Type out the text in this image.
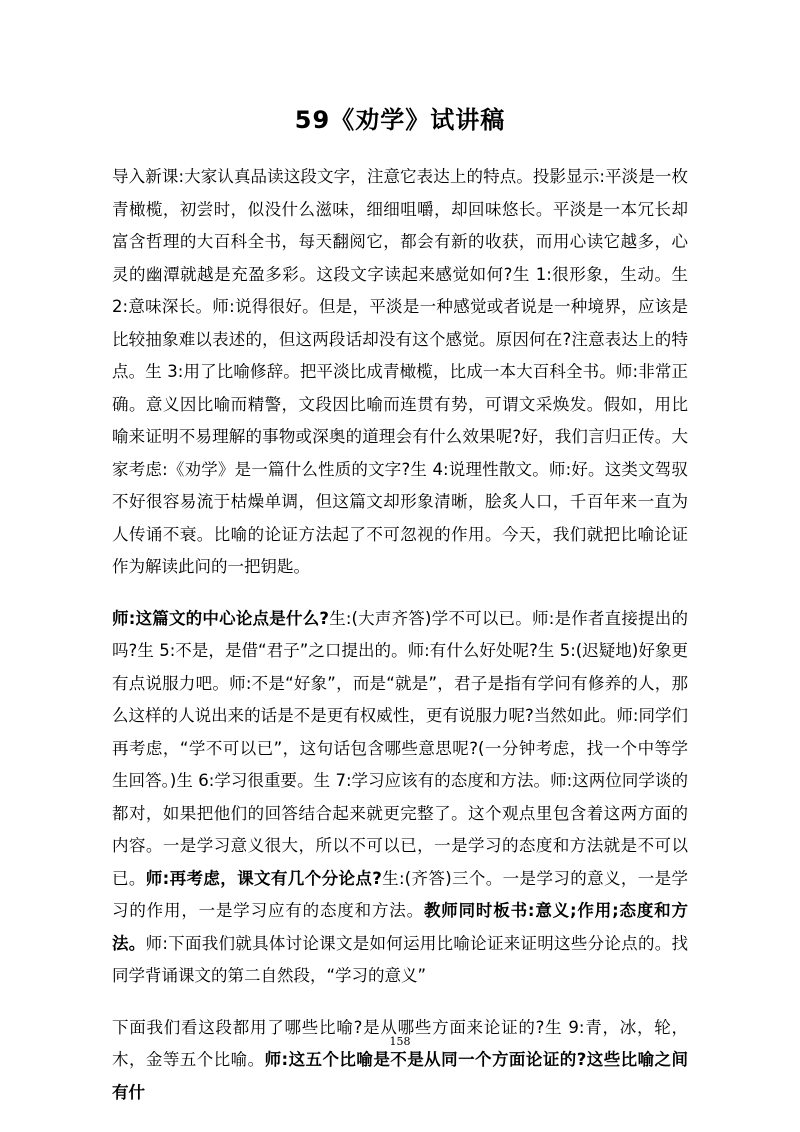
59《劝学》试讲稿

导入新课:大家认真品读这段文字，注意它表达上的特点。投影显示:平淡是一枚青橄榄，初尝时，似没什么滋味，细细咀嚼，却回味悠长。平淡是一本冗长却富含哲理的大百科全书，每天翻阅它，都会有新的收获，而用心读它越多，心灵的幽潭就越是充盈多彩。这段文字读起来感觉如何?生 1:很形象，生动。生 2:意味深长。师:说得很好。但是，平淡是一种感觉或者说是一种境界，应该是比较抽象难以表述的，但这两段话却没有这个感觉。原因何在?注意表达上的特点。生 3:用了比喻修辞。把平淡比成青橄榄，比成一本大百科全书。师:非常正确。意义因比喻而精警，文段因比喻而连贯有势，可谓文采焕发。假如，用比喻来证明不易理解的事物或深奥的道理会有什么效果呢?好，我们言归正传。大家考虑:《劝学》是一篇什么性质的文字?生 4:说理性散文。师:好。这类文驾驭不好很容易流于枯燥单调，但这篇文却形象清晰，脍炙人口，千百年来一直为人传诵不衰。比喻的论证方法起了不可忽视的作用。今天，我们就把比喻论证作为解读此问的一把钥匙。

师:这篇文的中心论点是什么?生:(大声齐答)学不可以已。师:是作者直接提出的吗?生 5:不是，是借“君子”之口提出的。师:有什么好处呢?生 5:(迟疑地)好象更有点说服力吧。师:不是“好象”，而是“就是”，君子是指有学问有修养的人，那么这样的人说出来的话是不是更有权威性，更有说服力呢?当然如此。师:同学们再考虑，“学不可以已”，这句话包含哪些意思呢?(一分钟考虑，找一个中等学生回答。)生 6:学习很重要。生 7:学习应该有的态度和方法。师:这两位同学谈的都对，如果把他们的回答结合起来就更完整了。这个观点里包含着这两方面的内容。一是学习意义很大，所以不可以已，一是学习的态度和方法就是不可以已。师:再考虑，课文有几个分论点?生:(齐答)三个。一是学习的意义，一是学习的作用，一是学习应有的态度和方法。教师同时板书:意义;作用;态度和方法。师:下面我们就具体讨论课文是如何运用比喻论证来证明这些分论点的。找同学背诵课文的第二自然段，“学习的意义”

下面我们看这段都用了哪些比喻?是从哪些方面来论证的?生 9:青，冰，轮，木，金等五个比喻。师:这五个比喻是不是从同一个方面论证的?这些比喻之间有什

158
